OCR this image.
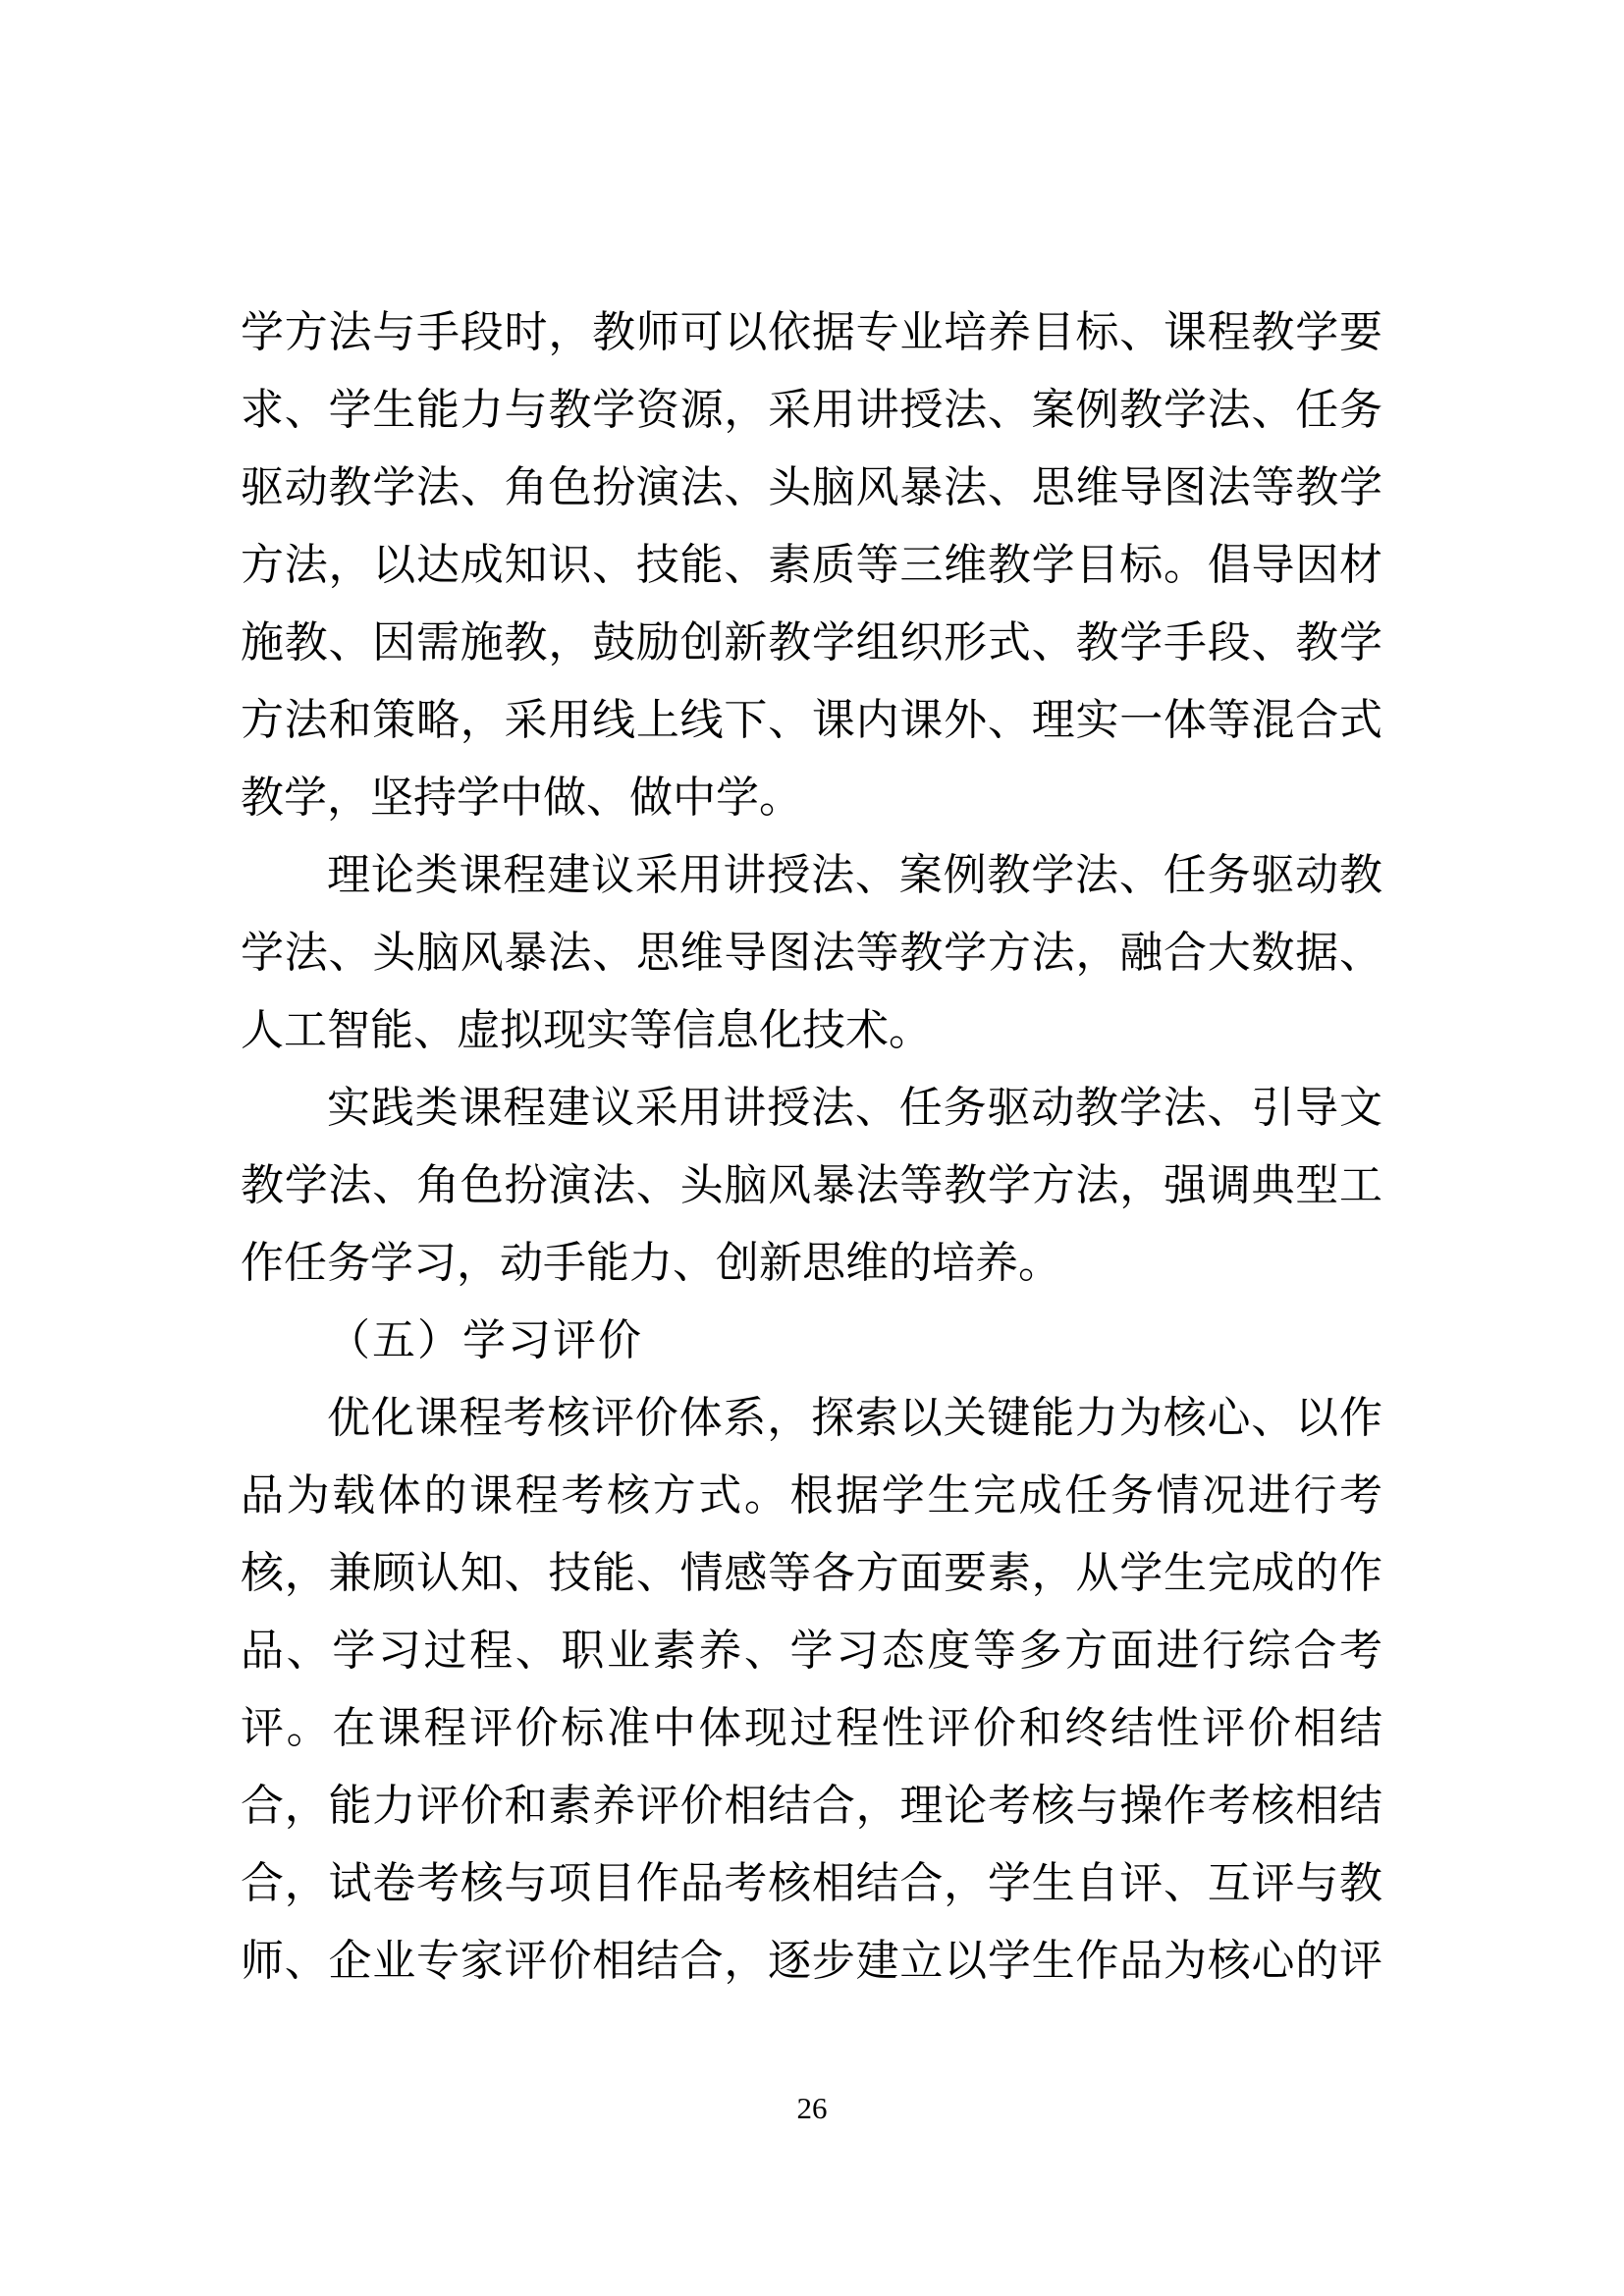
学方法与手段时，教师可以依据专业培养目标、课程教学要
求、学生能力与教学资源，采用讲授法、案例教学法、任务
驱动教学法、角色扮演法、头脑风暴法、思维导图法等教学
方法，以达成知识、技能、素质等三维教学目标。倡导因材
施教、因需施教，鼓励创新教学组织形式、教学手段、教学
方法和策略，采用线上线下、课内课外、理实一体等混合式
教学，坚持学中做、做中学。
理论类课程建议采用讲授法、案例教学法、任务驱动教
学法、头脑风暴法、思维导图法等教学方法，融合大数据、
人工智能、虚拟现实等信息化技术。
实践类课程建议采用讲授法、任务驱动教学法、引导文
教学法、角色扮演法、头脑风暴法等教学方法，强调典型工
作任务学习，动手能力、创新思维的培养。
（五）学习评价
优化课程考核评价体系，探索以关键能力为核心、以作
品为载体的课程考核方式。根据学生完成任务情况进行考
核，兼顾认知、技能、情感等各方面要素，从学生完成的作
品、学习过程、职业素养、学习态度等多方面进行综合考
评。在课程评价标准中体现过程性评价和终结性评价相结
合，能力评价和素养评价相结合，理论考核与操作考核相结
合，试卷考核与项目作品考核相结合，学生自评、互评与教
师、企业专家评价相结合，逐步建立以学生作品为核心的评
26
